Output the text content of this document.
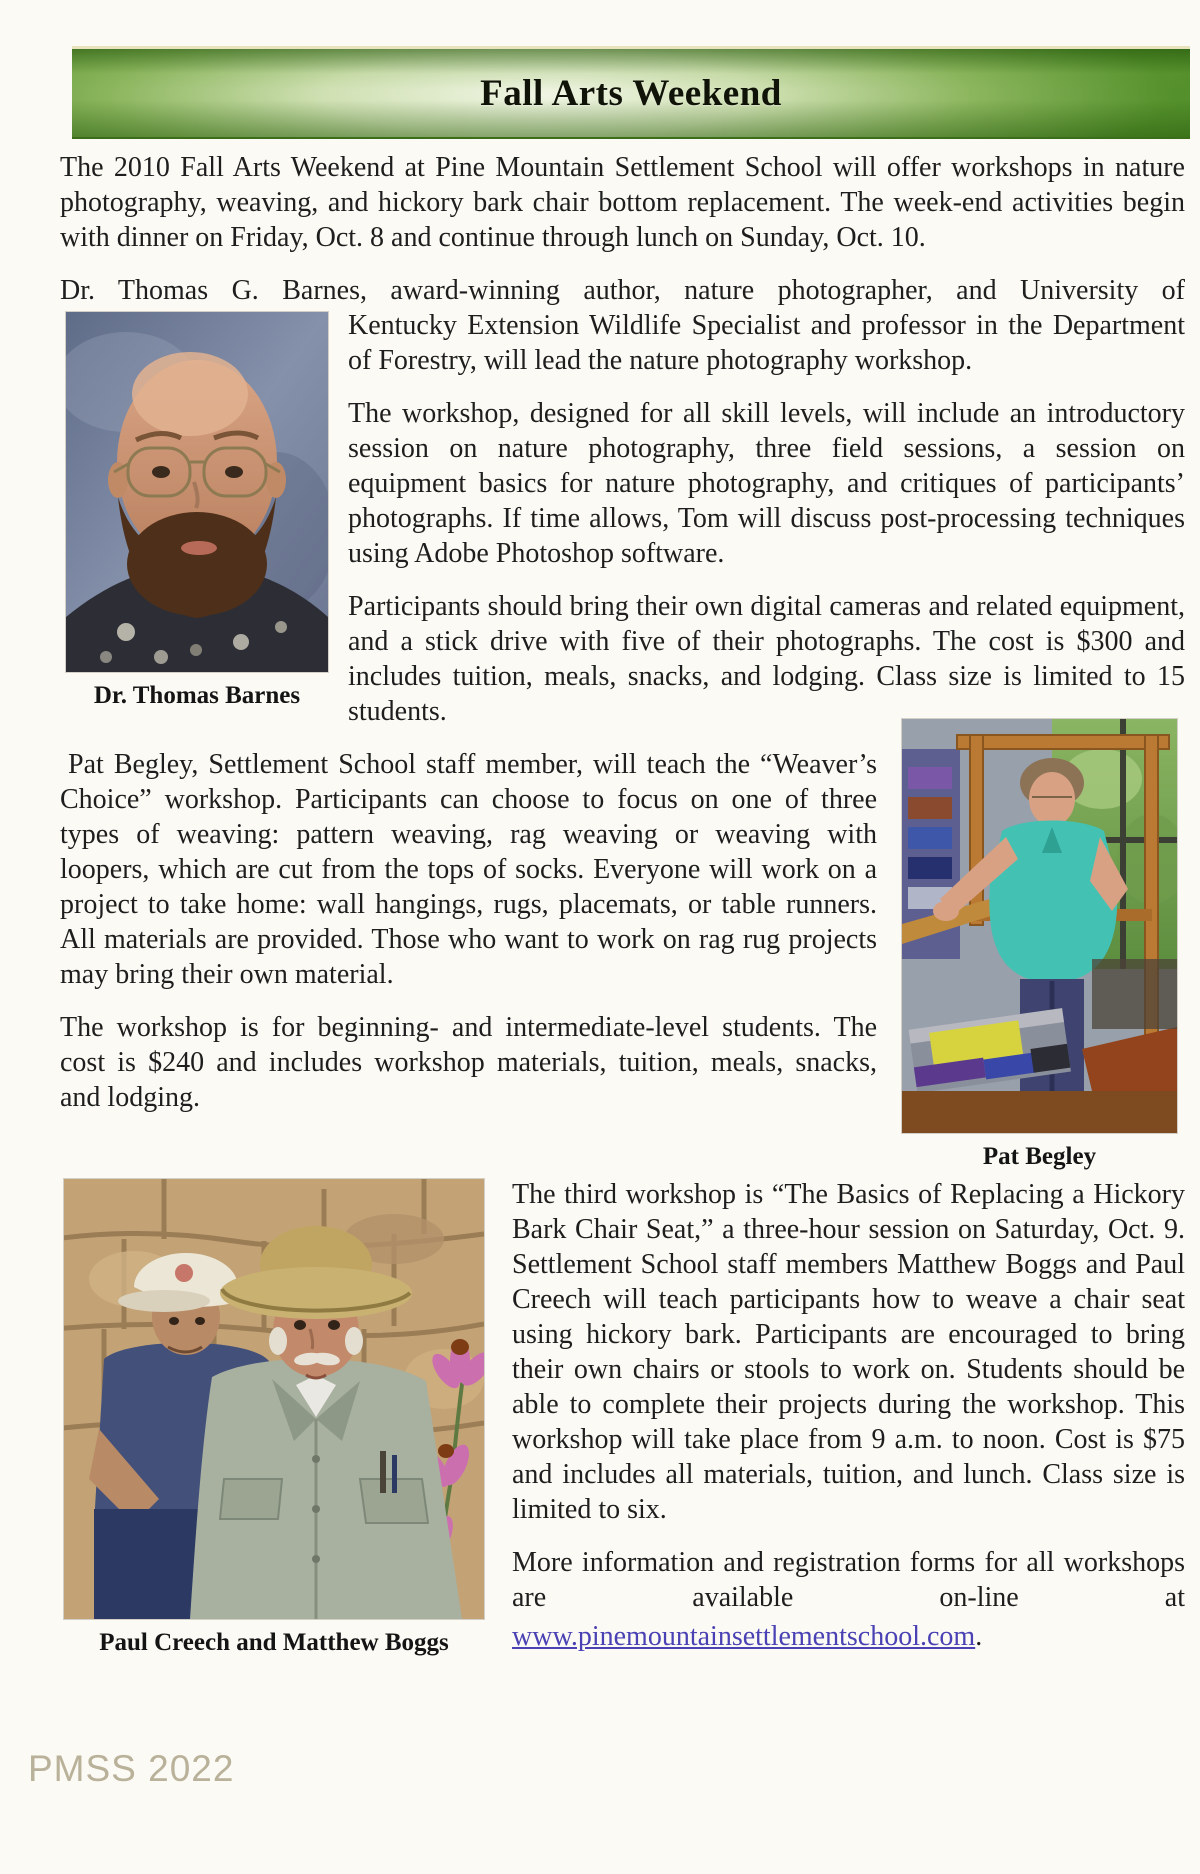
Fall Arts Weekend

The 2010 Fall Arts Weekend at Pine Mountain Settlement School will offer workshops in nature photography, weaving, and hickory bark chair bottom replacement. The week-end activities begin with dinner on Friday, Oct. 8 and continue through lunch on Sunday, Oct. 10.

Dr. Thomas G. Barnes, award-winning author, nature photographer, and University of

Dr. Thomas Barnes

Kentucky Extension Wildlife Specialist and professor in the Department of Forestry, will lead the nature photography workshop.

The workshop, designed for all skill levels, will include an introductory session on nature photography, three field sessions, a session on equipment basics for nature photography, and critiques of participants’ photographs. If time allows, Tom will discuss post-processing techniques using Adobe Photoshop software.

Participants should bring their own digital cameras and related equipment, and a stick drive with five of their photographs. The cost is $300 and includes tuition, meals, snacks, and lodging. Class size is limited to 15 students.

Pat Begley

Pat Begley, Settlement School staff member, will teach the “Weaver’s Choice” workshop. Participants can choose to focus on one of three types of weaving: pattern weaving, rag weaving or weaving with loopers, which are cut from the tops of socks. Everyone will work on a project to take home: wall hangings, rugs, placemats, or table runners. All materials are provided. Those who want to work on rag rug projects may bring their own material.

The workshop is for beginning- and intermediate-level students. The cost is $240 and includes workshop materials, tuition, meals, snacks, and lodging.

Paul Creech and Matthew Boggs

The third workshop is “The Basics of Replacing a Hickory Bark Chair Seat,” a three-hour session on Saturday, Oct. 9. Settlement School staff members Matthew Boggs and Paul Creech will teach participants how to weave a chair seat using hickory bark. Participants are encouraged to bring their own chairs or stools to work on. Students should be able to complete their projects during the workshop. This workshop will take place from 9 a.m. to noon. Cost is $75 and includes all materials, tuition, and lunch. Class size is limited to six.

More information and registration forms for all workshops are available on-line at www.pinemountainsettlementschool.com.

PMSS 2022
